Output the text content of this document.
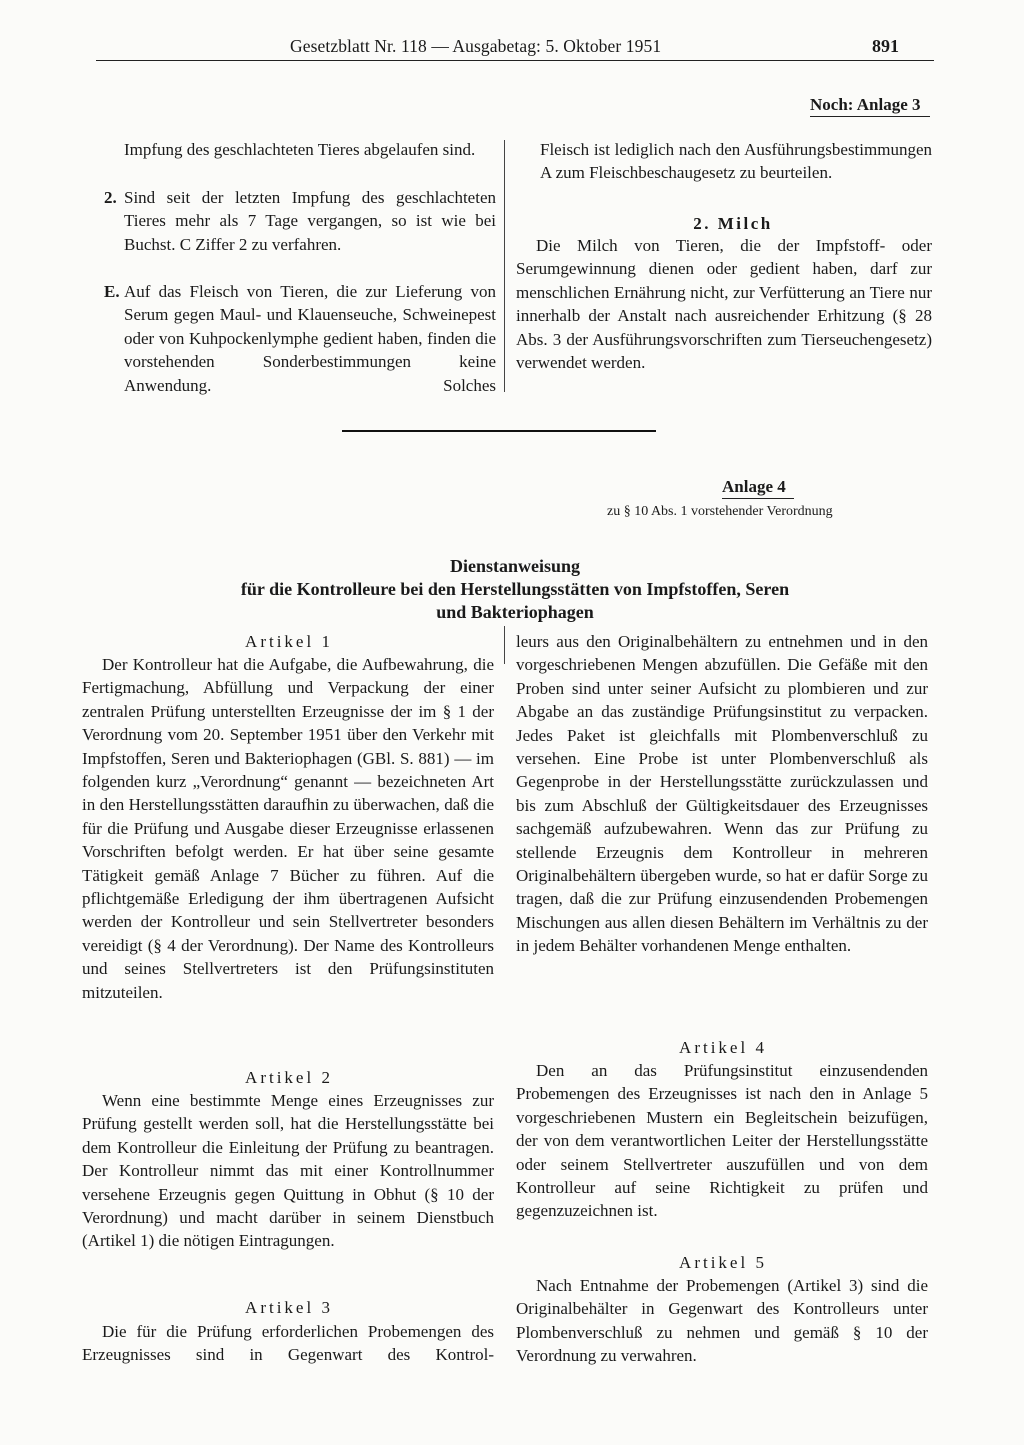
Gesetzblatt Nr. 118 — Ausgabetag: 5. Oktober 1951	891
Noch: Anlage 3
Impfung des geschlachteten Tieres abgelaufen sind.
2. Sind seit der letzten Impfung des geschlachteten Tieres mehr als 7 Tage vergangen, so ist wie bei Buchst. C Ziffer 2 zu verfahren.
E. Auf das Fleisch von Tieren, die zur Lieferung von Serum gegen Maul- und Klauenseuche, Schweinepest oder von Kuhpockenlymphe gedient haben, finden die vorstehenden Sonderbestimmungen keine Anwendung. Solches
Fleisch ist lediglich nach den Ausführungsbestimmungen A zum Fleischbeschaugesetz zu beurteilen.
2. Milch
Die Milch von Tieren, die der Impfstoff- oder Serumgewinnung dienen oder gedient haben, darf zur menschlichen Ernährung nicht, zur Verfütterung an Tiere nur innerhalb der Anstalt nach ausreichender Erhitzung (§ 28 Abs. 3 der Ausführungsvorschriften zum Tierseuchengesetz) verwendet werden.
Anlage 4
zu § 10 Abs. 1 vorstehender Verordnung
Dienstanweisung
für die Kontrolleure bei den Herstellungsstätten von Impfstoffen, Seren
und Bakteriophagen
Artikel 1
Der Kontrolleur hat die Aufgabe, die Aufbewahrung, die Fertigmachung, Abfüllung und Verpackung der einer zentralen Prüfung unterstellten Erzeugnisse der im § 1 der Verordnung vom 20. September 1951 über den Verkehr mit Impfstoffen, Seren und Bakteriophagen (GBl. S. 881) — im folgenden kurz „Verordnung“ genannt — bezeichneten Art in den Herstellungsstätten daraufhin zu überwachen, daß die für die Prüfung und Ausgabe dieser Erzeugnisse erlassenen Vorschriften befolgt werden. Er hat über seine gesamte Tätigkeit gemäß Anlage 7 Bücher zu führen. Auf die pflichtgemäße Erledigung der ihm übertragenen Aufsicht werden der Kontrolleur und sein Stellvertreter besonders vereidigt (§ 4 der Verordnung). Der Name des Kontrolleurs und seines Stellvertreters ist den Prüfungsinstituten mitzuteilen.
Artikel 2
Wenn eine bestimmte Menge eines Erzeugnisses zur Prüfung gestellt werden soll, hat die Herstellungsstätte bei dem Kontrolleur die Einleitung der Prüfung zu beantragen. Der Kontrolleur nimmt das mit einer Kontrollnummer versehene Erzeugnis gegen Quittung in Obhut (§ 10 der Verordnung) und macht darüber in seinem Dienstbuch (Artikel 1) die nötigen Eintragungen.
Artikel 3
Die für die Prüfung erforderlichen Probemengen des Erzeugnisses sind in Gegenwart des Kontrol-
leurs aus den Originalbehältern zu entnehmen und in den vorgeschriebenen Mengen abzufüllen. Die Gefäße mit den Proben sind unter seiner Aufsicht zu plombieren und zur Abgabe an das zuständige Prüfungsinstitut zu verpacken. Jedes Paket ist gleichfalls mit Plombenverschluß zu versehen. Eine Probe ist unter Plombenverschluß als Gegenprobe in der Herstellungsstätte zurückzulassen und bis zum Abschluß der Gültigkeitsdauer des Erzeugnisses sachgemäß aufzubewahren. Wenn das zur Prüfung zu stellende Erzeugnis dem Kontrolleur in mehreren Originalbehältern übergeben wurde, so hat er dafür Sorge zu tragen, daß die zur Prüfung einzusendenden Probemengen Mischungen aus allen diesen Behältern im Verhältnis zu der in jedem Behälter vorhandenen Menge enthalten.
Artikel 4
Den an das Prüfungsinstitut einzusendenden Probemengen des Erzeugnisses ist nach den in Anlage 5 vorgeschriebenen Mustern ein Begleitschein beizufügen, der von dem verantwortlichen Leiter der Herstellungsstätte oder seinem Stellvertreter auszufüllen und von dem Kontrolleur auf seine Richtigkeit zu prüfen und gegenzuzeichnen ist.
Artikel 5
Nach Entnahme der Probemengen (Artikel 3) sind die Originalbehälter in Gegenwart des Kontrolleurs unter Plombenverschluß zu nehmen und gemäß § 10 der Verordnung zu verwahren.
